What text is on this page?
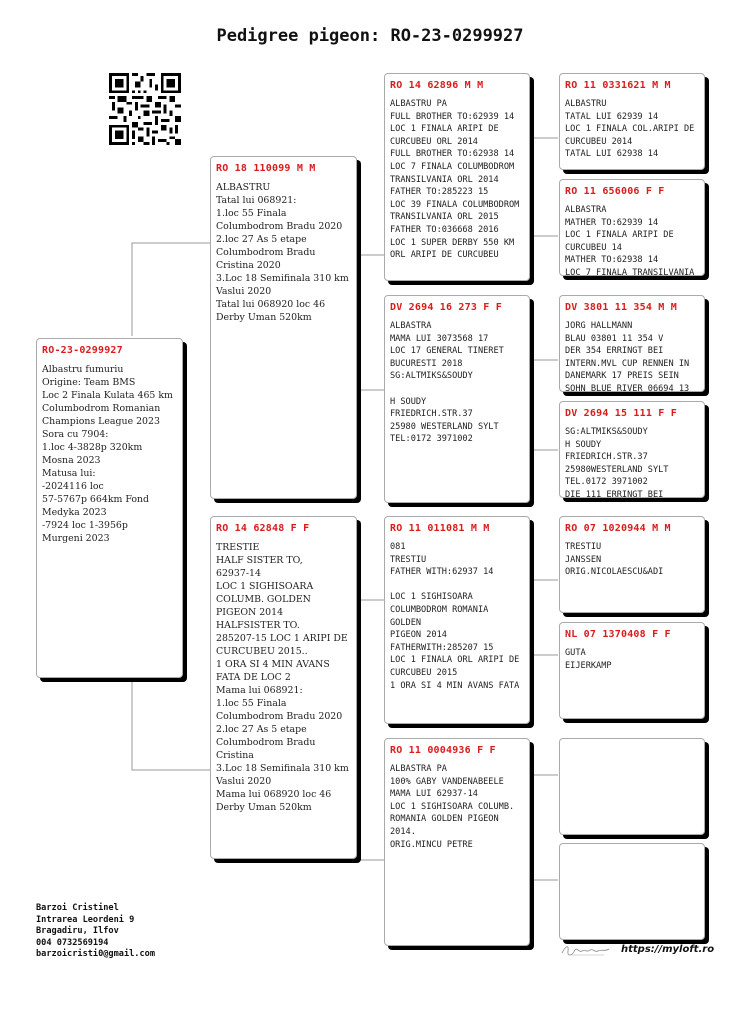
Pedigree pigeon: RO-23-0299927
RO-23-0299927
Albastru fumuriu
Origine: Team BMS
Loc 2 Finala Kulata 465 km Columbodrom Romanian Champions League 2023
Sora cu 7904:
1.loc 4-3828p 320km
Mosna 2023
Matusa lui:
-2024116 loc
57-5767p 664km Fond Medyka 2023
-7924 loc 1-3956p
Murgeni 2023
RO 18 110099 M M
ALBASTRU
Tatal lui 068921:
1.loc 55 Finala Columbodrom Bradu 2020
2.loc 27 As 5 etape Columbodrom Bradu Cristina 2020
3.Loc 18 Semifinala 310 km Vaslui 2020
Tatal lui 068920 loc 46 Derby Uman 520km
RO 14 62848 F F
TRESTIE
HALF SISTER TO,
62937-14
LOC 1 SIGHISOARA COLUMB. GOLDEN PIGEON 2014
HALFSISTER TO.
285207-15 LOC 1 ARIPI DE CURCUBEU 2015..
1 ORA SI 4 MIN AVANS FATA DE LOC 2
Mama lui 068921:
1.loc 55 Finala Columbodrom Bradu 2020
2.loc 27 As 5 etape Columbodrom Bradu Cristina
3.Loc 18 Semifinala 310 km Vaslui 2020
Mama lui 068920 loc 46 Derby Uman 520km
RO 14 62896 M M
ALBASTRU PA
FULL BROTHER TO:62939 14
LOC 1 FINALA ARIPI DE CURCUBEU ORL 2014
FULL BROTHER TO:62938 14
LOC 7 FINALA COLUMBODROM TRANSILVANIA ORL 2014
FATHER TO:285223 15
LOC 39 FINALA COLUMBODROM
TRANSILVANIA ORL 2015
FATHER TO:036668 2016
LOC 1 SUPER DERBY 550 KM ORL ARIPI DE CURCUBEU
DV 2694 16 273 F F
ALBASTRA
MAMA LUI 3073568 17
LOC 17 GENERAL TINERET BUCURESTI 2018
SG:ALTMIKS&SOUDY

H SOUDY
FRIEDRICH.STR.37
25980 WESTERLAND SYLT
TEL:0172 3971002
RO 11 011081 M M
081
TRESTIU
FATHER WITH:62937 14

LOC 1 SIGHISOARA COLUMBODROM ROMANIA GOLDEN
PIGEON 2014
FATHERWITH:285207 15
LOC 1 FINALA ORL ARIPI DE
CURCUBEU 2015
1 ORA SI 4 MIN AVANS FATA
RO 11 0004936 F F
ALBASTRA PA
100% GABY VANDENABEELE
MAMA LUI 62937-14
LOC 1 SIGHISOARA COLUMB. ROMANIA GOLDEN PIGEON 2014.
ORIG.MINCU PETRE
RO 11 0331621 M M
ALBASTRU
TATAL LUI 62939 14
LOC 1 FINALA COL.ARIPI DE
CURCUBEU 2014
TATAL LUI 62938 14
RO 11 656006 F F
ALBASTRA
MATHER TO:62939 14
LOC 1 FINALA ARIPI DE CURCUBEU 14
MATHER TO:62938 14
LOC 7 FINALA TRANSILVANIA
DV 3801 11 354 M M
JORG HALLMANN
BLAU 03801 11 354 V
DER 354 ERRINGT BEI INTERN.MVL CUP RENNEN IN DANEMARK 17 PREIS SEIN
SOHN BLUE RIVER 06694 13
DV 2694 15 111 F F
SG:ALTMIKS&SOUDY
H SOUDY
FRIEDRICH.STR.37
25980WESTERLAND SYLT
TEL.0172 3971002
DIE 111 ERRINGT BEI
RO 07 1020944 M M
TRESTIU
JANSSEN
ORIG.NICOLAESCU&ADI
NL 07 1370408 F F
GUTA
EIJERKAMP
Barzoi Cristinel
Intrarea Leordeni 9
Bragadiru, Ilfov
004 0732569194
barzoicristi0@gmail.com	https://myloft.ro
